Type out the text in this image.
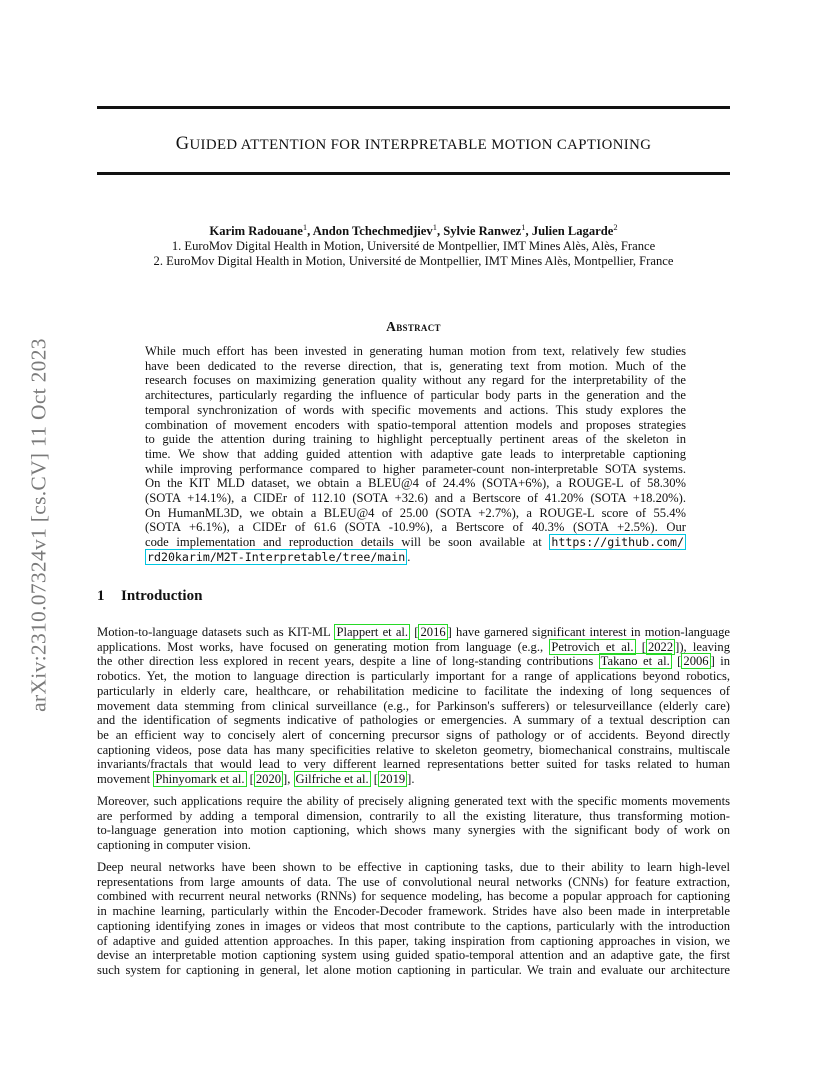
arXiv:2310.07324v1 [cs.CV] 11 Oct 2023
GUIDED ATTENTION FOR INTERPRETABLE MOTION CAPTIONING
Karim Radouane$^1$, Andon Tchechmedjiev$^1$, Sylvie Ranwez$^1$, Julien Lagarde$^2$
1. EuroMov Digital Health in Motion, Université de Montpellier, IMT Mines Alès, Alès, France
2. EuroMov Digital Health in Motion, Université de Montpellier, IMT Mines Alès, Montpellier, France
Abstract
While much effort has been invested in generating human motion from text, relatively few studies
have been dedicated to the reverse direction, that is, generating text from motion. Much of the
research focuses on maximizing generation quality without any regard for the interpretability of the
architectures, particularly regarding the influence of particular body parts in the generation and the
temporal synchronization of words with specific movements and actions. This study explores the
combination of movement encoders with spatio-temporal attention models and proposes strategies
to guide the attention during training to highlight perceptually pertinent areas of the skeleton in
time. We show that adding guided attention with adaptive gate leads to interpretable captioning
while improving performance compared to higher parameter-count non-interpretable SOTA systems.
On the KIT MLD dataset, we obtain a BLEU@4 of 24.4% (SOTA+6%), a ROUGE-L of 58.30%
(SOTA +14.1%), a CIDEr of 112.10 (SOTA +32.6) and a Bertscore of 41.20% (SOTA +18.20%).
On HumanML3D, we obtain a BLEU@4 of 25.00 (SOTA +2.7%), a ROUGE-L score of 55.4%
(SOTA +6.1%), a CIDEr of 61.6 (SOTA -10.9%), a Bertscore of 40.3% (SOTA +2.5%). Our
code implementation and reproduction details will be soon available at https://github.com/
rd20karim/M2T-Interpretable/tree/main .
1 Introduction
Motion-to-language datasets such as KIT-ML Plappert et al. [ 2016 ] have garnered significant interest in motion-language
applications. Most works, have focused on generating motion from language (e.g., Petrovich et al. [ 2022 ]), leaving
the other direction less explored in recent years, despite a line of long-standing contributions Takano et al. [ 2006 ] in
robotics. Yet, the motion to language direction is particularly important for a range of applications beyond robotics,
particularly in elderly care, healthcare, or rehabilitation medicine to facilitate the indexing of long sequences of
movement data stemming from clinical surveillance (e.g., for Parkinson's sufferers) or telesurveillance (elderly care)
and the identification of segments indicative of pathologies or emergencies. A summary of a textual description can
be an efficient way to concisely alert of concerning precursor signs of pathology or of accidents. Beyond directly
captioning videos, pose data has many specificities relative to skeleton geometry, biomechanical constrains, multiscale
invariants/fractals that would lead to very different learned representations better suited for tasks related to human
movement Phinyomark et al. [ 2020 ], Gilfriche et al. [ 2019 ].
Moreover, such applications require the ability of precisely aligning generated text with the specific moments movements
are performed by adding a temporal dimension, contrarily to all the existing literature, thus transforming motion-
to-language generation into motion captioning, which shows many synergies with the significant body of work on
captioning in computer vision.
Deep neural networks have been shown to be effective in captioning tasks, due to their ability to learn high-level
representations from large amounts of data. The use of convolutional neural networks (CNNs) for feature extraction,
combined with recurrent neural networks (RNNs) for sequence modeling, has become a popular approach for captioning
in machine learning, particularly within the Encoder-Decoder framework. Strides have also been made in interpretable
captioning identifying zones in images or videos that most contribute to the captions, particularly with the introduction
of adaptive and guided attention approaches. In this paper, taking inspiration from captioning approaches in vision, we
devise an interpretable motion captioning system using guided spatio-temporal attention and an adaptive gate, the first
such system for captioning in general, let alone motion captioning in particular. We train and evaluate our architecture
